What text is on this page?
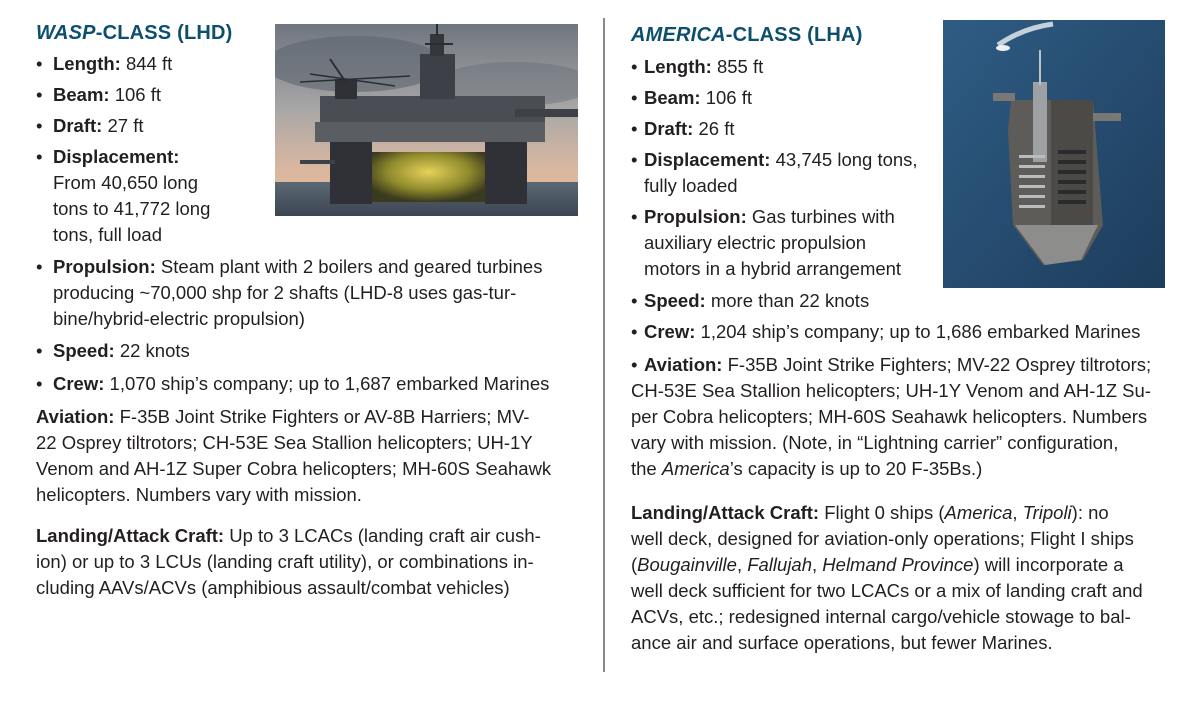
WASP-CLASS (LHD)
• Length: 844 ft
• Beam: 106 ft
• Draft: 27 ft
• Displacement:
From 40,650 long
tons to 41,772 long
tons, full load
• Propulsion: Steam plant with 2 boilers and geared turbines
producing ~70,000 shp for 2 shafts (LHD-8 uses gas-tur-
bine/hybrid-electric propulsion)
• Speed: 22 knots
• Crew: 1,070 ship’s company; up to 1,687 embarked Marines
Aviation: F-35B Joint Strike Fighters or AV-8B Harriers; MV-
22 Osprey tiltrotors; CH-53E Sea Stallion helicopters; UH-1Y
Venom and AH-1Z Super Cobra helicopters; MH-60S Seahawk
helicopters. Numbers vary with mission.
Landing/Attack Craft: Up to 3 LCACs (landing craft air cush-
ion) or up to 3 LCUs (landing craft utility), or combinations in-
cluding AAVs/ACVs (amphibious assault/combat vehicles)
AMERICA-CLASS (LHA)
• Length: 855 ft
• Beam: 106 ft
• Draft: 26 ft
• Displacement: 43,745 long tons,
fully loaded
• Propulsion: Gas turbines with
auxiliary electric propulsion
motors in a hybrid arrangement
• Speed: more than 22 knots
• Crew: 1,204 ship’s company; up to 1,686 embarked Marines
• Aviation: F-35B Joint Strike Fighters; MV-22 Osprey tiltrotors;
CH-53E Sea Stallion helicopters; UH-1Y Venom and AH-1Z Su-
per Cobra helicopters; MH-60S Seahawk helicopters. Numbers
vary with mission. (Note, in “Lightning carrier” configuration,
the America’s capacity is up to 20 F-35Bs.)
Landing/Attack Craft: Flight 0 ships (America, Tripoli): no
well deck, designed for aviation-only operations; Flight I ships
(Bougainville, Fallujah, Helmand Province) will incorporate a
well deck sufficient for two LCACs or a mix of landing craft and
ACVs, etc.; redesigned internal cargo/vehicle stowage to bal-
ance air and surface operations, but fewer Marines.
